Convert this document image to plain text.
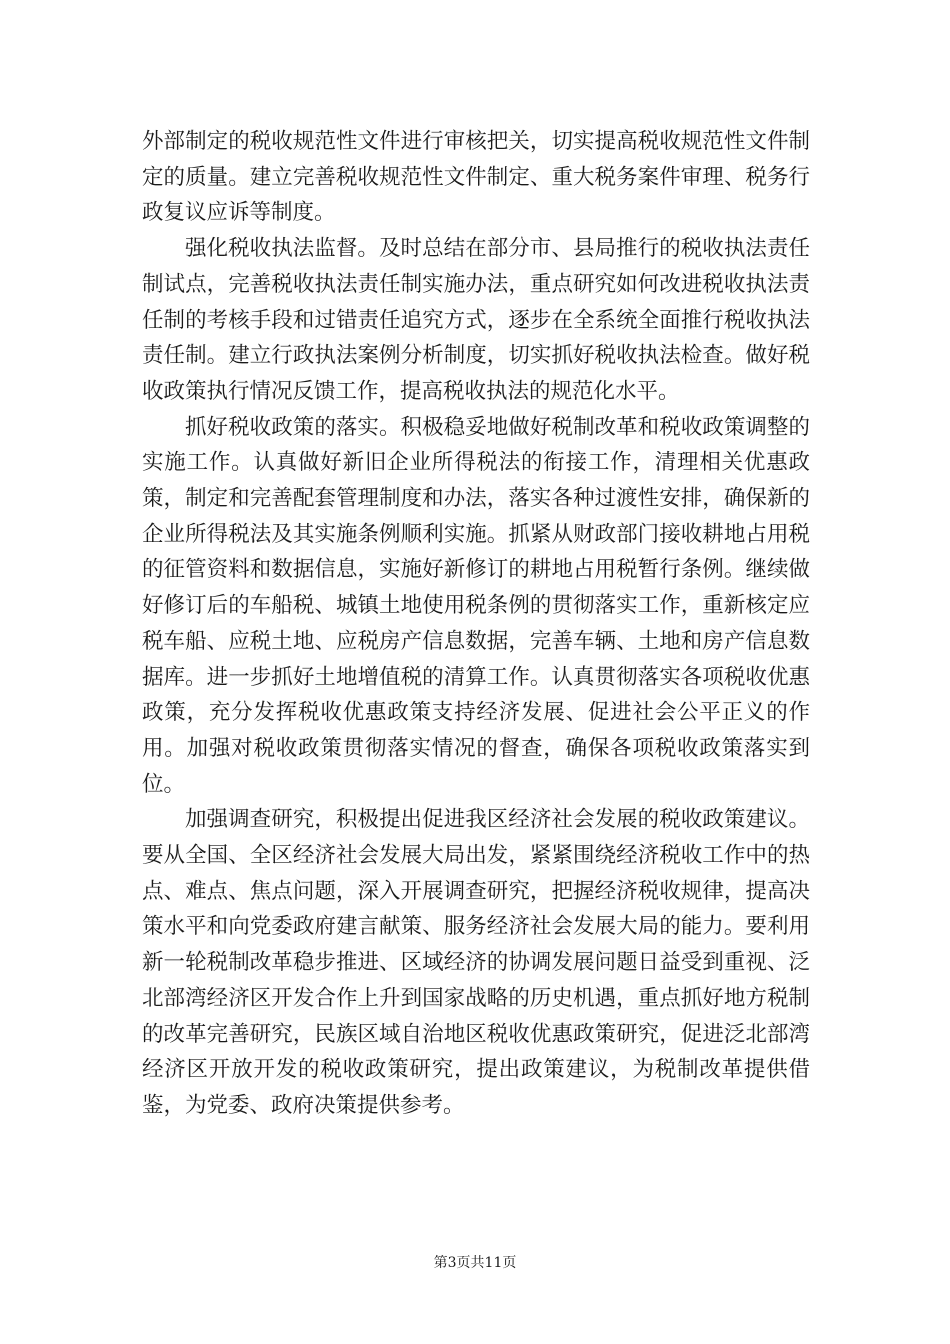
外部制定的税收规范性文件进行审核把关，切实提高税收规范性文件制定的质量。建立完善税收规范性文件制定、重大税务案件审理、税务行政复议应诉等制度。

强化税收执法监督。及时总结在部分市、县局推行的税收执法责任制试点，完善税收执法责任制实施办法，重点研究如何改进税收执法责任制的考核手段和过错责任追究方式，逐步在全系统全面推行税收执法责任制。建立行政执法案例分析制度，切实抓好税收执法检查。做好税收政策执行情况反馈工作，提高税收执法的规范化水平。

抓好税收政策的落实。积极稳妥地做好税制改革和税收政策调整的实施工作。认真做好新旧企业所得税法的衔接工作，清理相关优惠政策，制定和完善配套管理制度和办法，落实各种过渡性安排，确保新的企业所得税法及其实施条例顺利实施。抓紧从财政部门接收耕地占用税的征管资料和数据信息，实施好新修订的耕地占用税暂行条例。继续做好修订后的车船税、城镇土地使用税条例的贯彻落实工作，重新核定应税车船、应税土地、应税房产信息数据，完善车辆、土地和房产信息数据库。进一步抓好土地增值税的清算工作。认真贯彻落实各项税收优惠政策，充分发挥税收优惠政策支持经济发展、促进社会公平正义的作用。加强对税收政策贯彻落实情况的督查，确保各项税收政策落实到位。

加强调查研究，积极提出促进我区经济社会发展的税收政策建议。要从全国、全区经济社会发展大局出发，紧紧围绕经济税收工作中的热点、难点、焦点问题，深入开展调查研究，把握经济税收规律，提高决策水平和向党委政府建言献策、服务经济社会发展大局的能力。要利用新一轮税制改革稳步推进、区域经济的协调发展问题日益受到重视、泛北部湾经济区开发合作上升到国家战略的历史机遇，重点抓好地方税制的改革完善研究，民族区域自治地区税收优惠政策研究，促进泛北部湾经济区开放开发的税收政策研究，提出政策建议，为税制改革提供借鉴，为党委、政府决策提供参考。

第3页共11页
